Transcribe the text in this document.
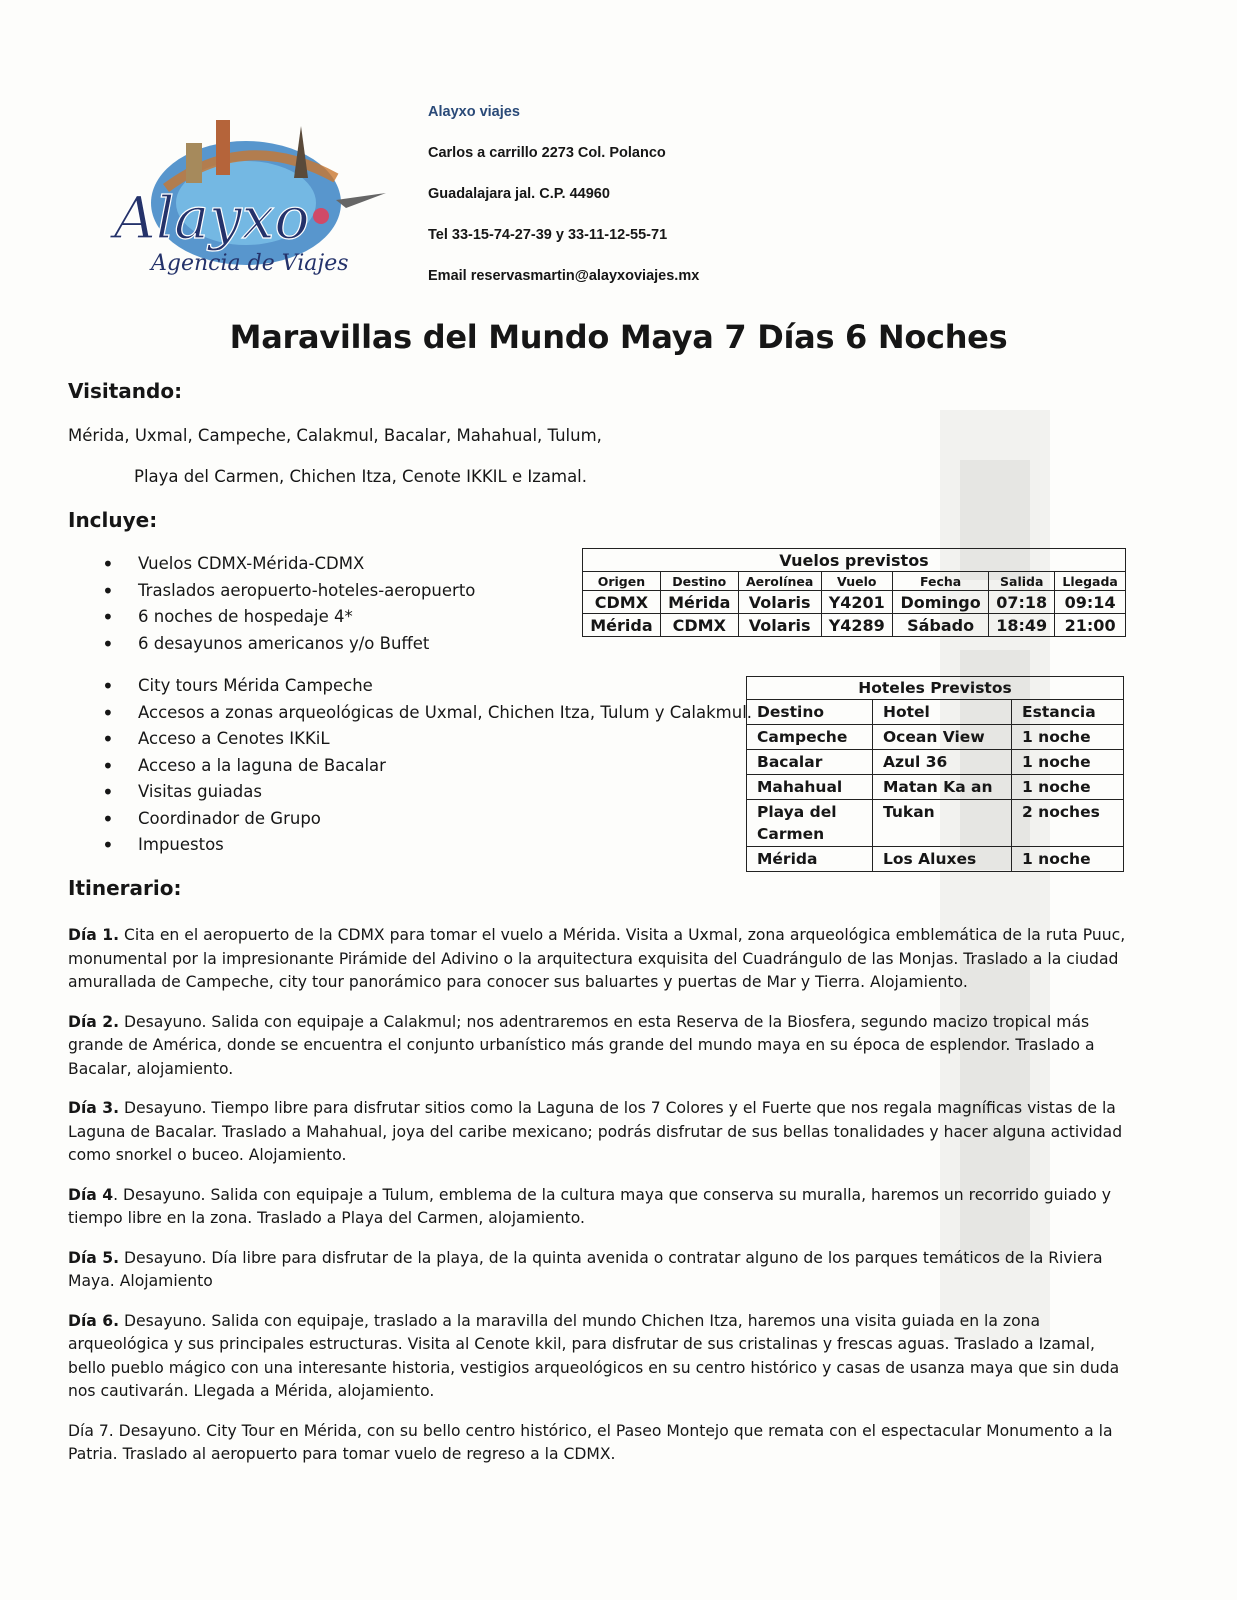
Alayxo
Agencia de Viajes
Alayxo viajes
Carlos a carrillo 2273 Col. Polanco
Guadalajara jal. C.P. 44960
Tel 33-15-74-27-39 y 33-11-12-55-71
Email reservasmartin@alayxoviajes.mx
Maravillas del Mundo Maya 7 Días 6 Noches
Visitando:
Mérida, Uxmal, Campeche, Calakmul, Bacalar, Mahahual, Tulum,
Playa del Carmen, Chichen Itza, Cenote IKKIL e Izamal.
Incluye:
• Vuelos CDMX-Mérida-CDMX
• Traslados aeropuerto-hoteles-aeropuerto
• 6 noches de hospedaje 4*
• 6 desayunos americanos y/o Buffet
• City tours Mérida Campeche
• Accesos a zonas arqueológicas de Uxmal, Chichen Itza, Tulum y Calakmul.
• Acceso a Cenotes IKKiL
• Acceso a la laguna de Bacalar
• Visitas guiadas
• Coordinador de Grupo
• Impuestos
Vuelos previstos						
Origen	Destino	Aerolínea	Vuelo	Fecha	Salida	Llegada
CDMX	Mérida	Volaris	Y4201	Domingo	07:18	09:14
Mérida	CDMX	Volaris	Y4289	Sábado	18:49	21:00
Hoteles Previstos		
Destino	Hotel	Estancia
Campeche	Ocean View	1 noche
Bacalar	Azul 36	1 noche
Mahahual	Matan Ka an	1 noche
Playa del Carmen	Tukan	2 noches
Mérida	Los Aluxes	1 noche
Itinerario:

Día 1. Cita en el aeropuerto de la CDMX para tomar el vuelo a Mérida. Visita a Uxmal, zona arqueológica emblemática de la ruta Puuc, monumental por la impresionante Pirámide del Adivino o la arquitectura exquisita del Cuadrángulo de las Monjas. Traslado a la ciudad amurallada de Campeche, city tour panorámico para conocer sus baluartes y puertas de Mar y Tierra. Alojamiento.

Día 2. Desayuno. Salida con equipaje a Calakmul; nos adentraremos en esta Reserva de la Biosfera, segundo macizo tropical más grande de América, donde se encuentra el conjunto urbanístico más grande del mundo maya en su época de esplendor. Traslado a Bacalar, alojamiento.

Día 3. Desayuno. Tiempo libre para disfrutar sitios como la Laguna de los 7 Colores y el Fuerte que nos regala magníficas vistas de la Laguna de Bacalar. Traslado a Mahahual, joya del caribe mexicano; podrás disfrutar de sus bellas tonalidades y hacer alguna actividad como snorkel o buceo. Alojamiento.

Día 4. Desayuno. Salida con equipaje a Tulum, emblema de la cultura maya que conserva su muralla, haremos un recorrido guiado y tiempo libre en la zona. Traslado a Playa del Carmen, alojamiento.

Día 5. Desayuno. Día libre para disfrutar de la playa, de la quinta avenida o contratar alguno de los parques temáticos de la Riviera Maya. Alojamiento

Día 6. Desayuno. Salida con equipaje, traslado a la maravilla del mundo Chichen Itza, haremos una visita guiada en la zona arqueológica y sus principales estructuras. Visita al Cenote kkil, para disfrutar de sus cristalinas y frescas aguas. Traslado a Izamal, bello pueblo mágico con una interesante historia, vestigios arqueológicos en su centro histórico y casas de usanza maya que sin duda nos cautivarán. Llegada a Mérida, alojamiento.

Día 7. Desayuno. City Tour en Mérida, con su bello centro histórico, el Paseo Montejo que remata con el espectacular Monumento a la Patria. Traslado al aeropuerto para tomar vuelo de regreso a la CDMX.
